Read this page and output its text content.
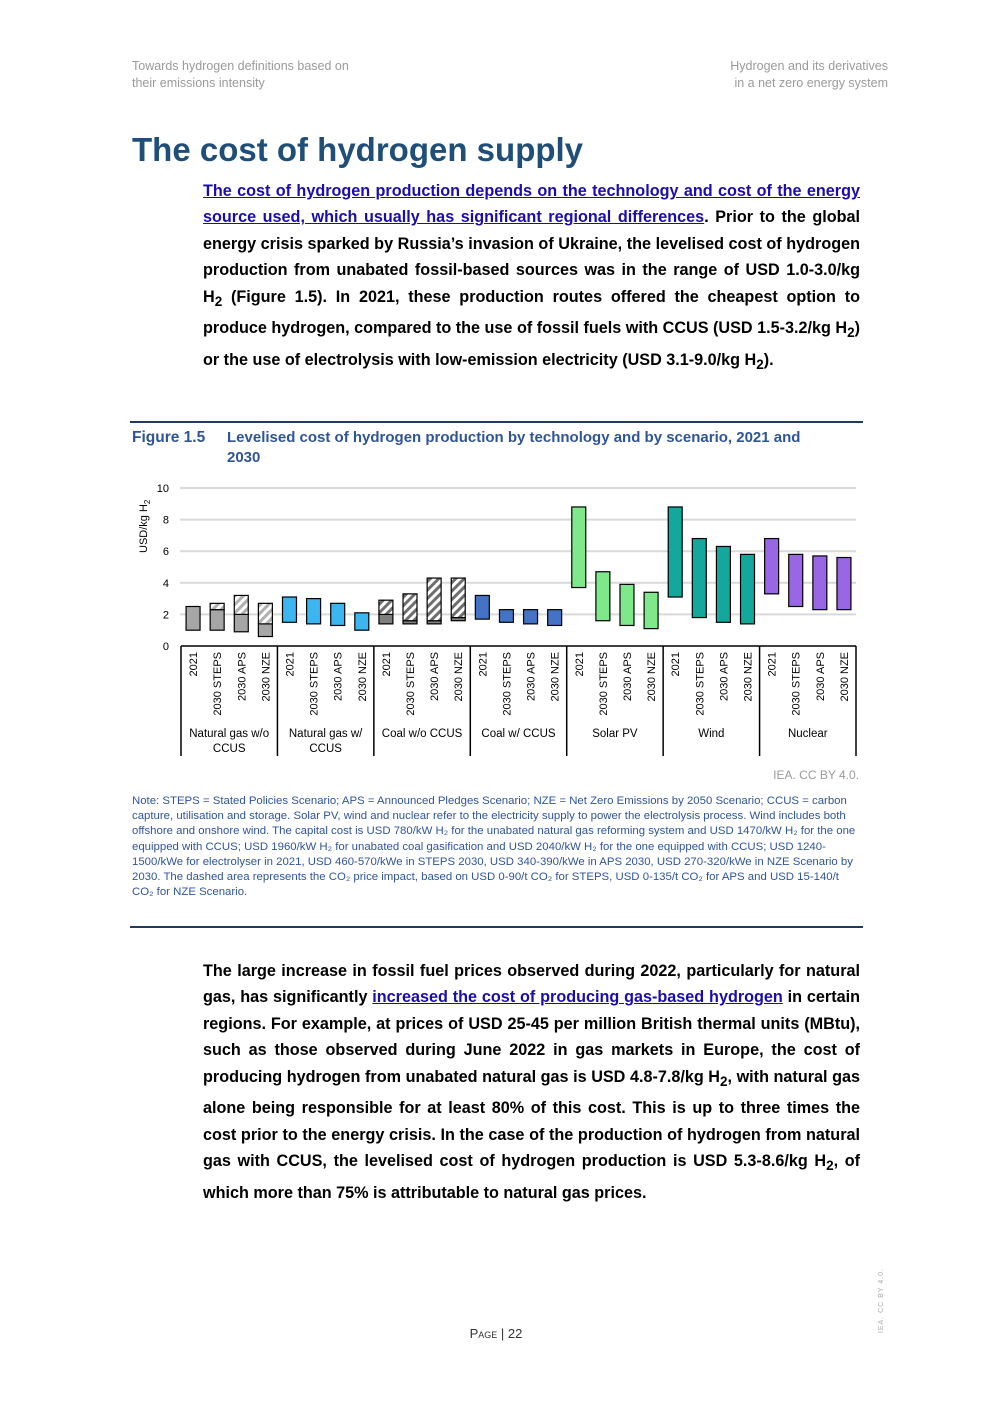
Towards hydrogen definitions based on
their emissions intensity
Hydrogen and its derivatives
in a net zero energy system
The cost of hydrogen supply

The cost of hydrogen production depends on the technology and cost of the energy source used, which usually has significant regional differences. Prior to the global energy crisis sparked by Russia’s invasion of Ukraine, the levelised cost of hydrogen production from unabated fossil-based sources was in the range of USD 1.0-3.0/kg $H_2$ (Figure 1.5). In 2021, these production routes offered the cheapest option to produce hydrogen, compared to the use of fossil fuels with CCUS (USD 1.5-3.2/kg $H_2$) or the use of electrolysis with low-emission electricity (USD 3.1-9.0/kg $H_2$).

Figure 1.5 Levelised cost of hydrogen production by technology and by scenario, 2021 and 2030
0
2
4
6
8
10
USD/kg $H_2$
2021 2030 STEPS 2030 APS 2030 NZE
Natural gas w/o
CCUS
2021 2030 STEPS 2030 APS 2030 NZE
Natural gas w/
CCUS
2021 2030 STEPS 2030 APS 2030 NZE
Coal w/o CCUS
2021 2030 STEPS 2030 APS 2030 NZE
Coal w/ CCUS
2021 2030 STEPS 2030 APS 2030 NZE
Solar PV
2021 2030 STEPS 2030 APS 2030 NZE
Wind
2021 2030 STEPS 2030 APS 2030 NZE
Nuclear
IEA. CC BY 4.0.

Note: STEPS = Stated Policies Scenario; APS = Announced Pledges Scenario; NZE = Net Zero Emissions by 2050 Scenario; CCUS = carbon capture, utilisation and storage. Solar PV, wind and nuclear refer to the electricity supply to power the electrolysis process. Wind includes both offshore and onshore wind. The capital cost is USD 780/kW H₂ for the unabated natural gas reforming system and USD 1470/kW H₂ for the one equipped with CCUS; USD 1960/kW H₂ for unabated coal gasification and USD 2040/kW H₂ for the one equipped with CCUS; USD 1240-1500/kWe for electrolyser in 2021, USD 460-570/kWe in STEPS 2030, USD 340-390/kWe in APS 2030, USD 270-320/kWe in NZE Scenario by 2030. The dashed area represents the CO₂ price impact, based on USD 0-90/t CO₂ for STEPS, USD 0-135/t CO₂ for APS and USD 15-140/t CO₂ for NZE Scenario.

The large increase in fossil fuel prices observed during 2022, particularly for natural gas, has significantly increased the cost of producing gas-based hydrogen in certain regions. For example, at prices of USD 25-45 per million British thermal units (MBtu), such as those observed during June 2022 in gas markets in Europe, the cost of producing hydrogen from unabated natural gas is USD 4.8-7.8/kg $H_2$, with natural gas alone being responsible for at least 80% of this cost. This is up to three times the cost prior to the energy crisis. In the case of the production of hydrogen from natural gas with CCUS, the levelised cost of hydrogen production is USD 5.3-8.6/kg $H_2$, of which more than 75% is attributable to natural gas prices.

Page | 22
IEA. CC BY 4.0.
